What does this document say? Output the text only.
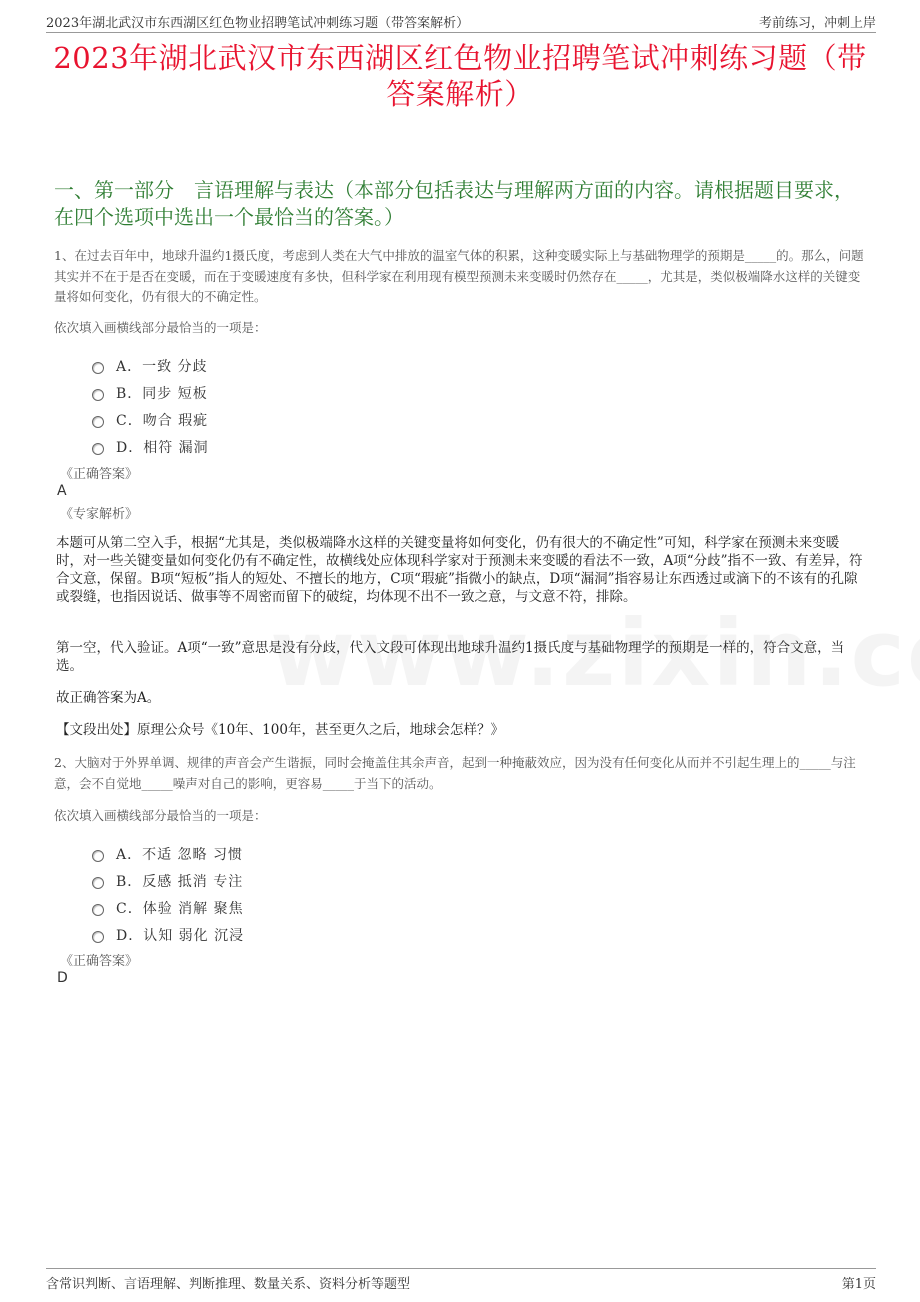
2023年湖北武汉市东西湖区红色物业招聘笔试冲刺练习题（带答案解析）	考前练习，冲刺上岸
2023年湖北武汉市东西湖区红色物业招聘笔试冲刺练习题（带答案解析）
一、第一部分　言语理解与表达（本部分包括表达与理解两方面的内容。请根据题目要求，在四个选项中选出一个最恰当的答案。）
1、在过去百年中，地球升温约1摄氏度，考虑到人类在大气中排放的温室气体的积累，这种变暖实际上与基础物理学的预期是_____的。那么，问题其实并不在于是否在变暖，而在于变暖速度有多快，但科学家在利用现有模型预测未来变暖时仍然存在_____，尤其是，类似极端降水这样的关键变量将如何变化，仍有很大的不确定性。
依次填入画横线部分最恰当的一项是：
A．一致 分歧
B．同步 短板
C．吻合 瑕疵
D．相符 漏洞
《正确答案》
A
《专家解析》
本题可从第二空入手，根据“尤其是，类似极端降水这样的关键变量将如何变化，仍有很大的不确定性”可知，科学家在预测未来变暖时，对一些关键变量如何变化仍有不确定性，故横线处应体现科学家对于预测未来变暖的看法不一致，A项“分歧”指不一致、有差异，符合文意，保留。B项“短板”指人的短处、不擅长的地方，C项“瑕疵”指微小的缺点，D项“漏洞”指容易让东西透过或滴下的不该有的孔隙或裂缝，也指因说话、做事等不周密而留下的破绽，均体现不出不一致之意，与文意不符，排除。
第一空，代入验证。A项“一致”意思是没有分歧，代入文段可体现出地球升温约1摄氏度与基础物理学的预期是一样的，符合文意，当选。
故正确答案为A。
【文段出处】原理公众号《10年、100年，甚至更久之后，地球会怎样？》
2、大脑对于外界单调、规律的声音会产生谐振，同时会掩盖住其余声音，起到一种掩蔽效应，因为没有任何变化从而并不引起生理上的_____与注意，会不自觉地_____噪声对自己的影响，更容易_____于当下的活动。
依次填入画横线部分最恰当的一项是：
A．不适 忽略 习惯
B．反感 抵消 专注
C．体验 消解 聚焦
D．认知 弱化 沉浸
《正确答案》
D
含常识判断、言语理解、判断推理、数量关系、资料分析等题型	第1页
